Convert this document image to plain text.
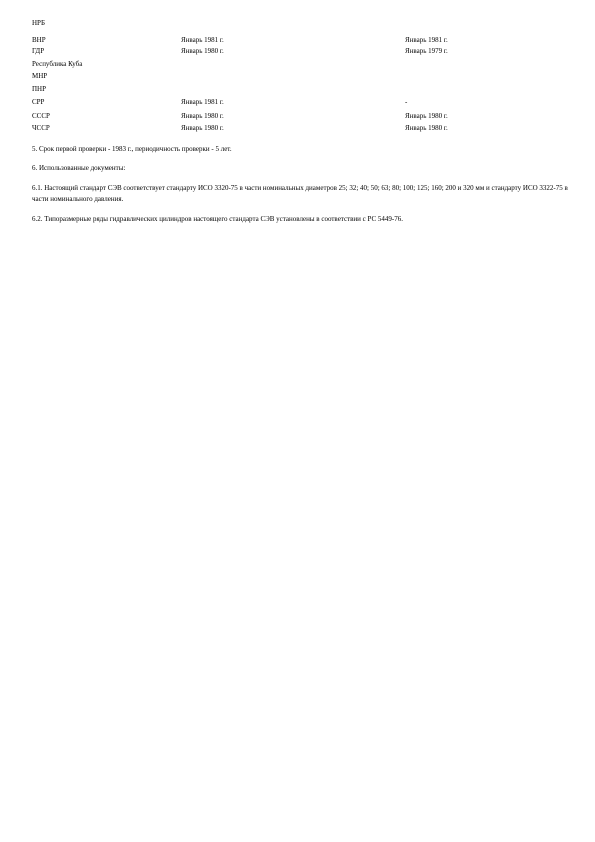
НРБ
ВНР	Январь 1981 г.	Январь 1981 г.
ГДР	Январь 1980 г.	Январь 1979 г.
Республика Куба
МНР
ПНР
СРР	Январь 1981 г.	-
СССР	Январь 1980 г.	Январь 1980 г.
ЧССР	Январь 1980 г.	Январь 1980 г.
5. Срок первой проверки - 1983 г., периодичность проверки - 5 лет.
6. Использованные документы:
6.1. Настоящий стандарт СЭВ соответствует стандарту ИСО 3320-75 в части номинальных диаметров 25; 32; 40; 50; 63; 80; 100; 125; 160; 200 и 320 мм и стандарту ИСО 3322-75 в части номинального давления.
6.2. Типоразмерные ряды гидравлических цилиндров настоящего стандарта СЭВ установлены в соответствии с РС 5449-76.
